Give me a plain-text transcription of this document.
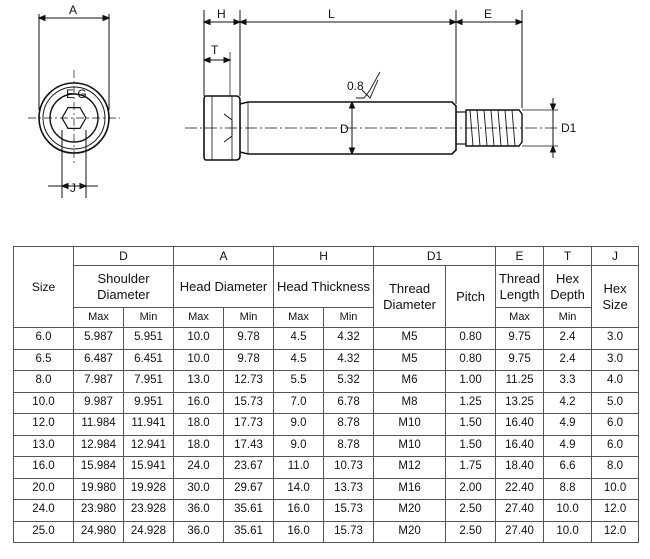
A
E G
J
H	L	E
T
0.8
D	D1
Size	D		A		H		D1		E	T	J
	Shoulder Diameter		Head Diameter		Head Thickness		Thread Diameter	Pitch	Thread Length	Hex Depth	Hex Size
	Max	Min	Max	Min	Max	Min			Max	Min	
6.0	5.987	5.951	10.0	9.78	4.5	4.32	M5	0.80	9.75	2.4	3.0
6.5	6.487	6.451	10.0	9.78	4.5	4.32	M5	0.80	9.75	2.4	3.0
8.0	7.987	7.951	13.0	12.73	5.5	5.32	M6	1.00	11.25	3.3	4.0
10.0	9.987	9.951	16.0	15.73	7.0	6.78	M8	1.25	13.25	4.2	5.0
12.0	11.984	11.941	18.0	17.73	9.0	8.78	M10	1.50	16.40	4.9	6.0
13.0	12.984	12.941	18.0	17.43	9.0	8.78	M10	1.50	16.40	4.9	6.0
16.0	15.984	15.941	24.0	23.67	11.0	10.73	M12	1.75	18.40	6.6	8.0
20.0	19.980	19.928	30.0	29.67	14.0	13.73	M16	2.00	22.40	8.8	10.0
24.0	23.980	23.928	36.0	35.61	16.0	15.73	M20	2.50	27.40	10.0	12.0
25.0	24.980	24.928	36.0	35.61	16.0	15.73	M20	2.50	27.40	10.0	12.0
